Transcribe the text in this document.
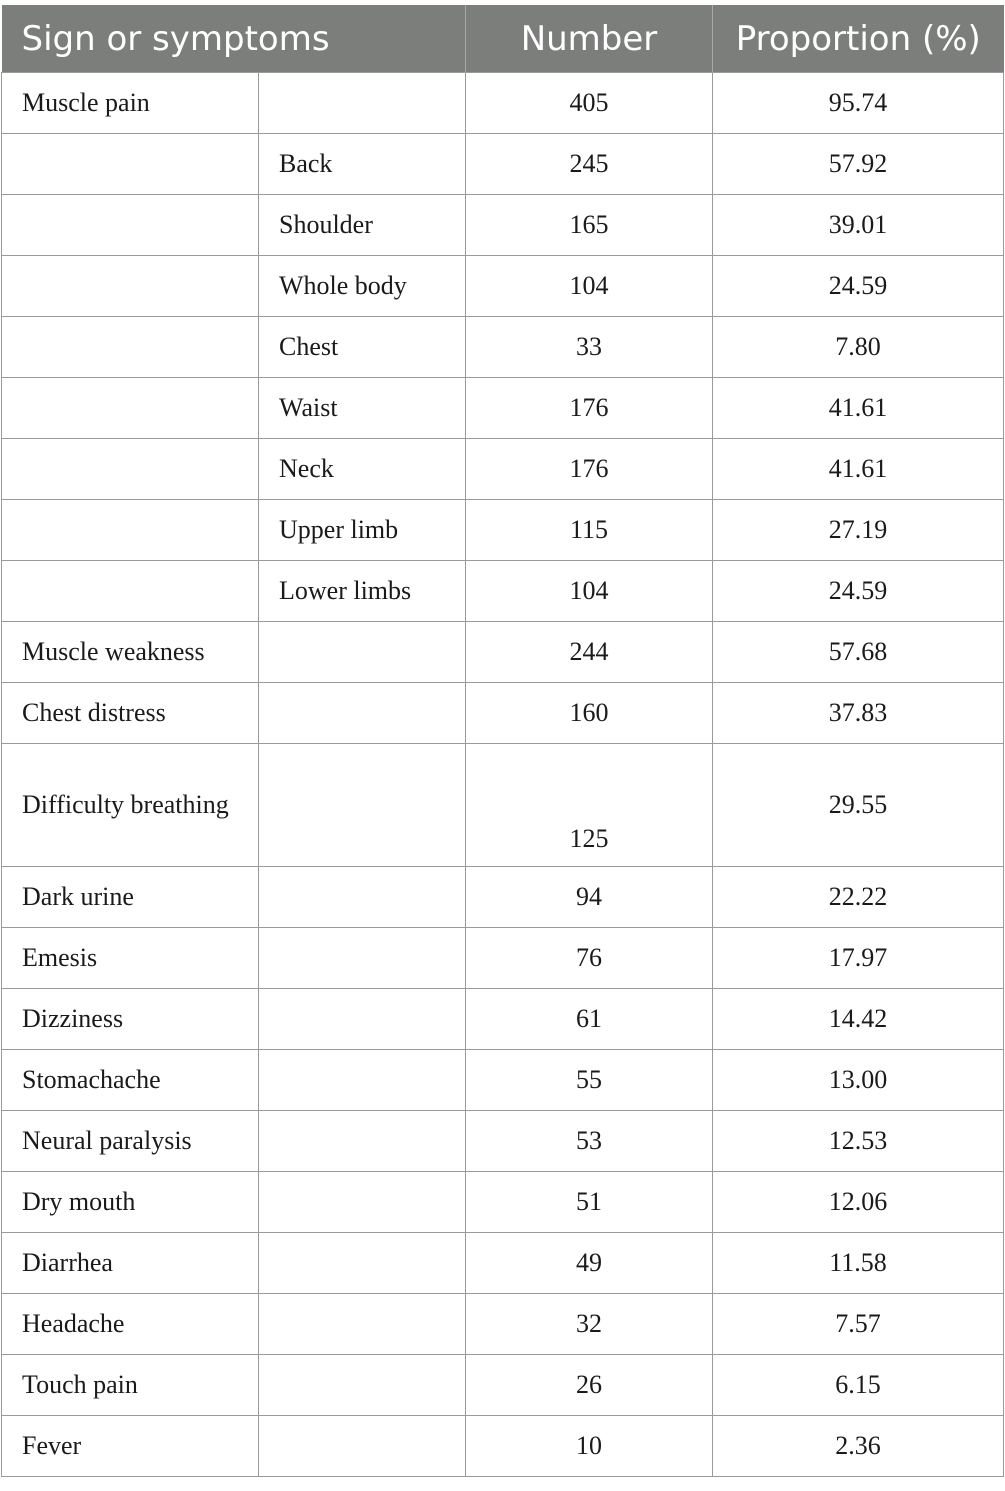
Sign or symptoms		Number	Proportion (%)
Muscle pain		405	95.74
	Back	245	57.92
	Shoulder	165	39.01
	Whole body	104	24.59
	Chest	33	7.80
	Waist	176	41.61
	Neck	176	41.61
	Upper limb	115	27.19
	Lower limbs	104	24.59
Muscle weakness		244	57.68
Chest distress		160	37.83
Difficulty breathing		125	29.55
Dark urine		94	22.22
Emesis		76	17.97
Dizziness		61	14.42
Stomachache		55	13.00
Neural paralysis		53	12.53
Dry mouth		51	12.06
Diarrhea		49	11.58
Headache		32	7.57
Touch pain		26	6.15
Fever		10	2.36
